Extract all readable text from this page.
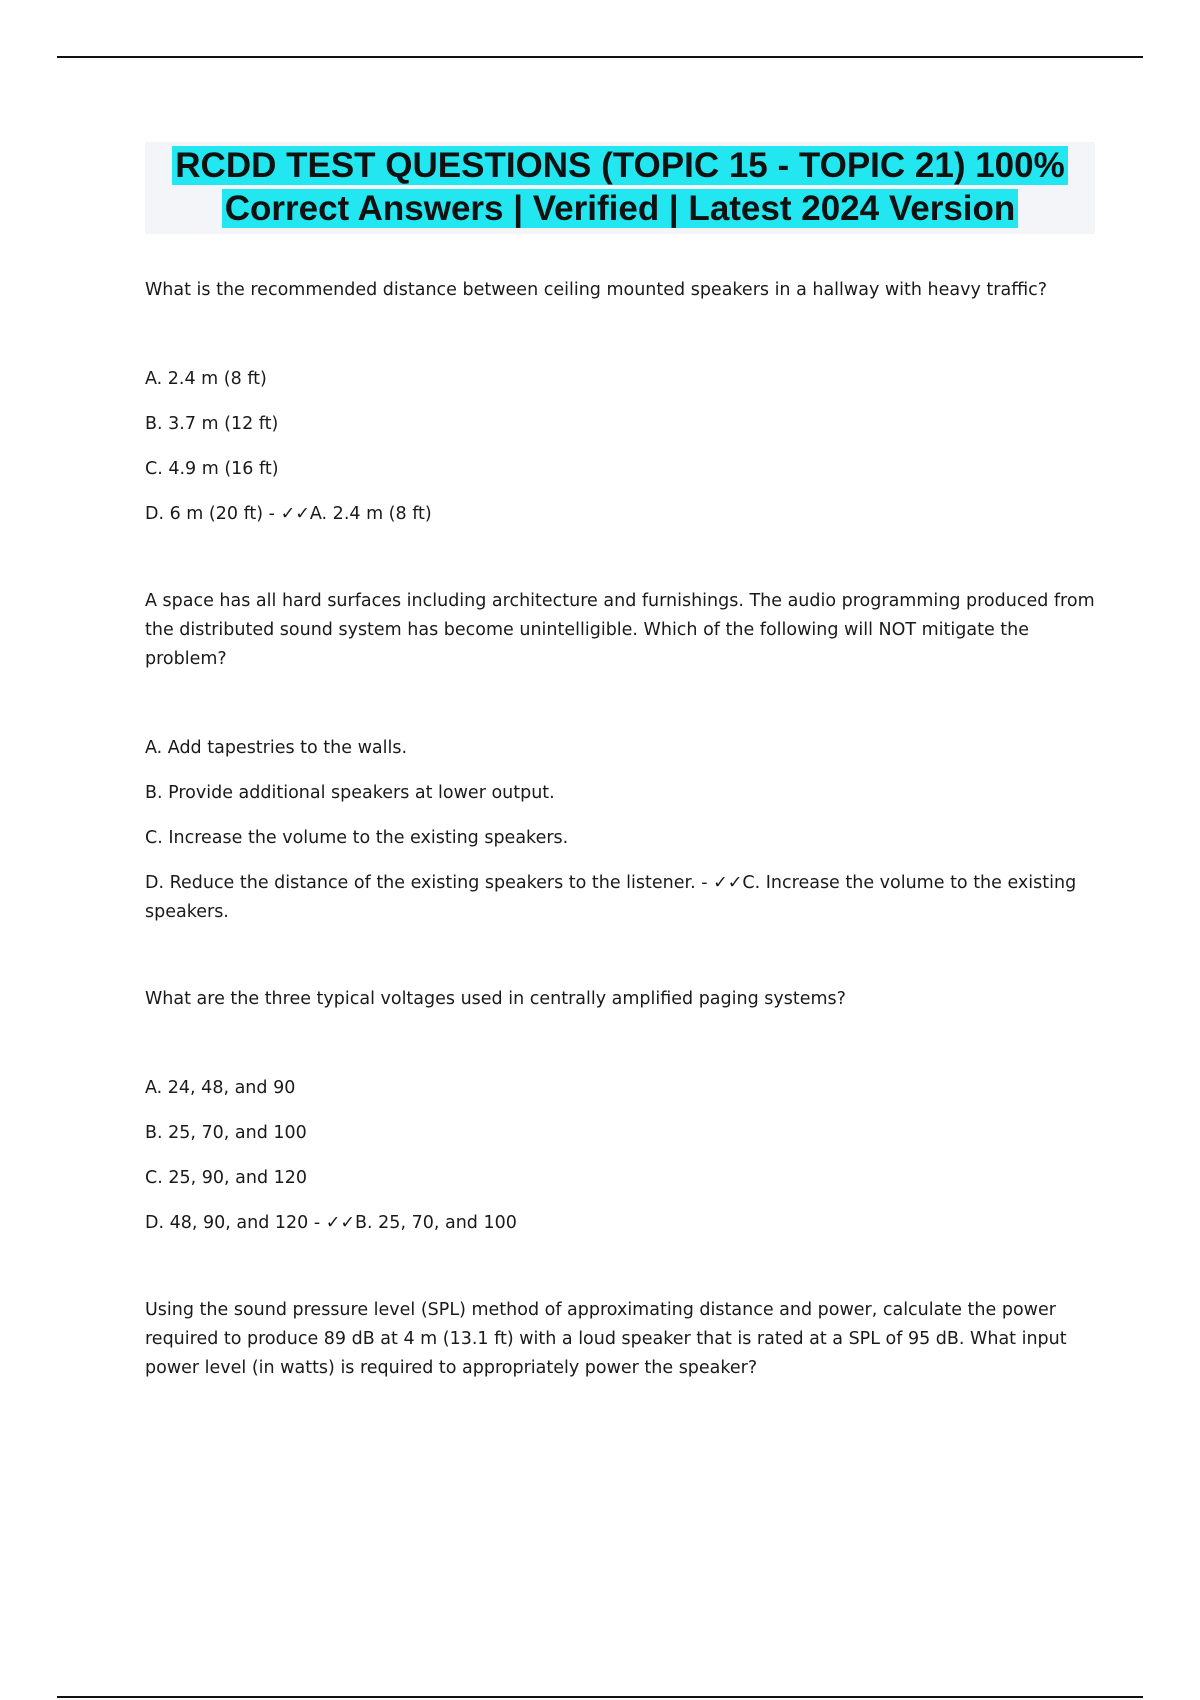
RCDD TEST QUESTIONS (TOPIC 15 - TOPIC 21) 100%
Correct Answers | Verified | Latest 2024 Version

What is the recommended distance between ceiling mounted speakers in a hallway with heavy traffic?

A. 2.4 m (8 ft)

B. 3.7 m (12 ft)

C. 4.9 m (16 ft)

D. 6 m (20 ft) - ✓✓A. 2.4 m (8 ft)

A space has all hard surfaces including architecture and furnishings. The audio programming produced from the distributed sound system has become unintelligible. Which of the following will NOT mitigate the problem?

A. Add tapestries to the walls.

B. Provide additional speakers at lower output.

C. Increase the volume to the existing speakers.

D. Reduce the distance of the existing speakers to the listener. - ✓✓C. Increase the volume to the existing speakers.

What are the three typical voltages used in centrally amplified paging systems?

A. 24, 48, and 90

B. 25, 70, and 100

C. 25, 90, and 120

D. 48, 90, and 120 - ✓✓B. 25, 70, and 100

Using the sound pressure level (SPL) method of approximating distance and power, calculate the power required to produce 89 dB at 4 m (13.1 ft) with a loud speaker that is rated at a SPL of 95 dB. What input power level (in watts) is required to appropriately power the speaker?
